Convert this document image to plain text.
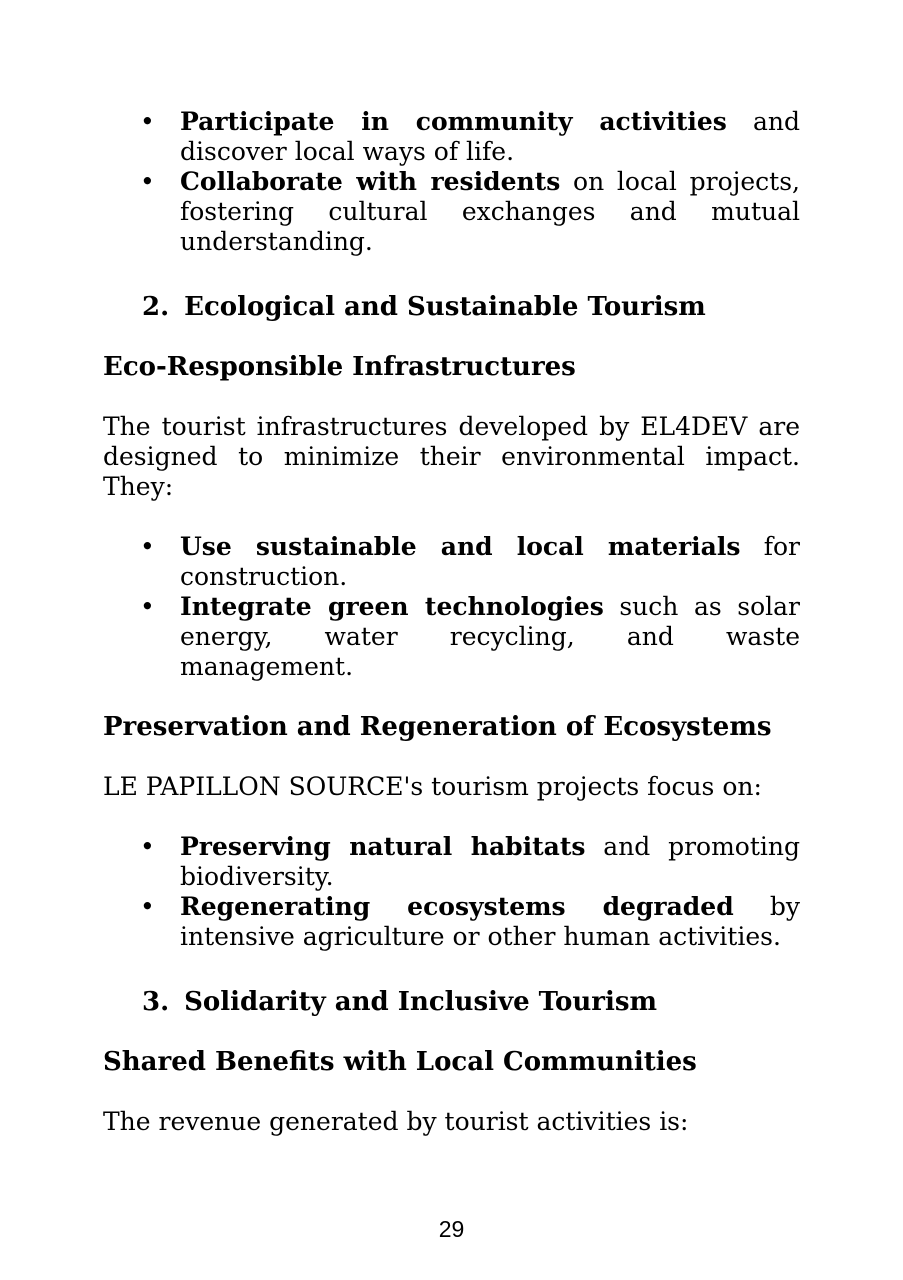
• Participate in community activities and discover local ways of life.
• Collaborate with residents on local projects, fostering cultural exchanges and mutual understanding.
2. Ecological and Sustainable Tourism
Eco-Responsible Infrastructures

The tourist infrastructures developed by EL4DEV are designed to minimize their environmental impact. They:

• Use sustainable and local materials for construction.
• Integrate green technologies such as solar energy, water recycling, and waste management.
Preservation and Regeneration of Ecosystems

LE PAPILLON SOURCE's tourism projects focus on:

• Preserving natural habitats and promoting biodiversity.
• Regenerating ecosystems degraded by intensive agriculture or other human activities.
3. Solidarity and Inclusive Tourism
Shared Benefits with Local Communities

The revenue generated by tourist activities is:

29
